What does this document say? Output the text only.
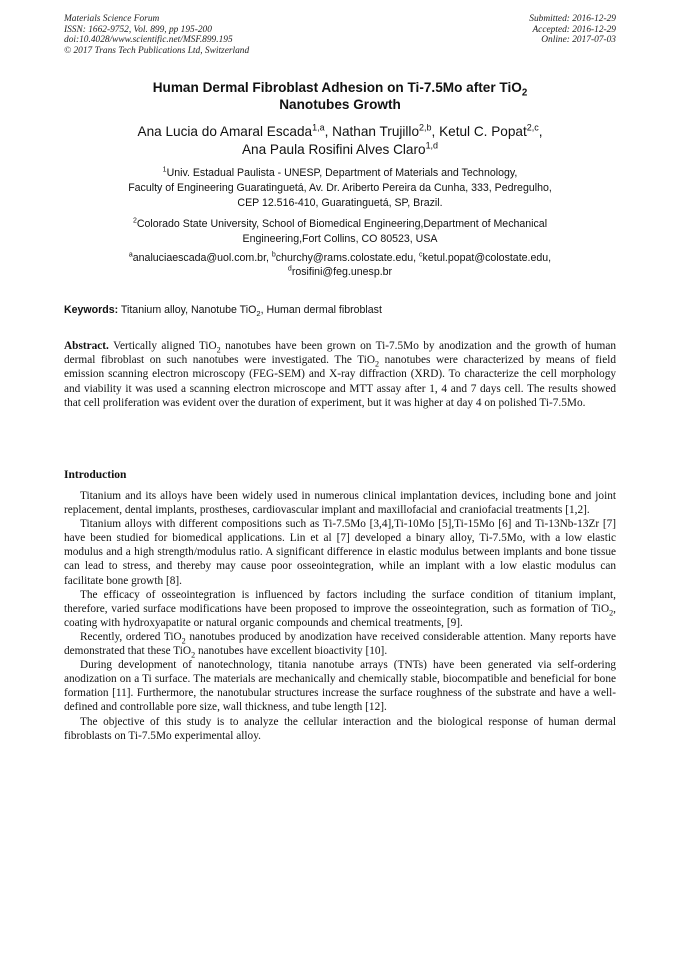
Materials Science Forum
ISSN: 1662-9752, Vol. 899, pp 195-200
doi:10.4028/www.scientific.net/MSF.899.195
© 2017 Trans Tech Publications Ltd, Switzerland
Submitted: 2016-12-29
Accepted: 2016-12-29
Online: 2017-07-03
Human Dermal Fibroblast Adhesion on Ti-7.5Mo after TiO$_2$
Nanotubes Growth
Ana Lucia do Amaral Escada$^{1,a}$, Nathan Trujillo$^{2,b}$, Ketul C. Popat$^{2,c}$,
Ana Paula Rosifini Alves Claro$^{1,d}$
$^1$Univ. Estadual Paulista - UNESP, Department of Materials and Technology,
Faculty of Engineering Guaratinguetá, Av. Dr. Ariberto Pereira da Cunha, 333, Pedregulho,
CEP 12.516-410, Guaratinguetá, SP, Brazil.
$^2$Colorado State University, School of Biomedical Engineering,Department of Mechanical
Engineering,Fort Collins, CO 80523, USA
$^a$analuciaescada@uol.com.br, $^b$churchy@rams.colostate.edu, $^c$ketul.popat@colostate.edu,
$^d$rosifini@feg.unesp.br
Keywords: Titanium alloy, Nanotube TiO$_2$, Human dermal fibroblast
Abstract. Vertically aligned TiO$_2$ nanotubes have been grown on Ti-7.5Mo by anodization and the growth of human dermal fibroblast on such nanotubes were investigated. The TiO$_2$ nanotubes were characterized by means of field emission scanning electron microscopy (FEG-SEM) and X-ray diffraction (XRD). To characterize the cell morphology and viability it was used a scanning electron microscope and MTT assay after 1, 4 and 7 days cell. The results showed that cell proliferation was evident over the duration of experiment, but it was higher at day 4 on polished Ti-7.5Mo.
Introduction

Titanium and its alloys have been widely used in numerous clinical implantation devices, including bone and joint replacement, dental implants, prostheses, cardiovascular implant and maxillofacial and craniofacial treatments [1,2].

Titanium alloys with different compositions such as Ti-7.5Mo [3,4],Ti-10Mo [5],Ti-15Mo [6] and Ti-13Nb-13Zr [7] have been studied for biomedical applications. Lin et al [7] developed a binary alloy, Ti-7.5Mo, with a low elastic modulus and a high strength/modulus ratio. A significant difference in elastic modulus between implants and bone tissue can lead to stress, and thereby may cause poor osseointegration, while an implant with a low elastic modulus can facilitate bone growth [8].

The efficacy of osseointegration is influenced by factors including the surface condition of titanium implant, therefore, varied surface modifications have been proposed to improve the osseointegration, such as formation of TiO$_2$, coating with hydroxyapatite or natural organic compounds and chemical treatments, [9].

Recently, ordered TiO$_2$ nanotubes produced by anodization have received considerable attention. Many reports have demonstrated that these TiO$_2$ nanotubes have excellent bioactivity [10].

During development of nanotechnology, titania nanotube arrays (TNTs) have been generated via self-ordering anodization on a Ti surface. The materials are mechanically and chemically stable, biocompatible and beneficial for bone formation [11]. Furthermore, the nanotubular structures increase the surface roughness of the substrate and have a well-defined and controllable pore size, wall thickness, and tube length [12].

The objective of this study is to analyze the cellular interaction and the biological response of human dermal fibroblasts on Ti-7.5Mo experimental alloy.
